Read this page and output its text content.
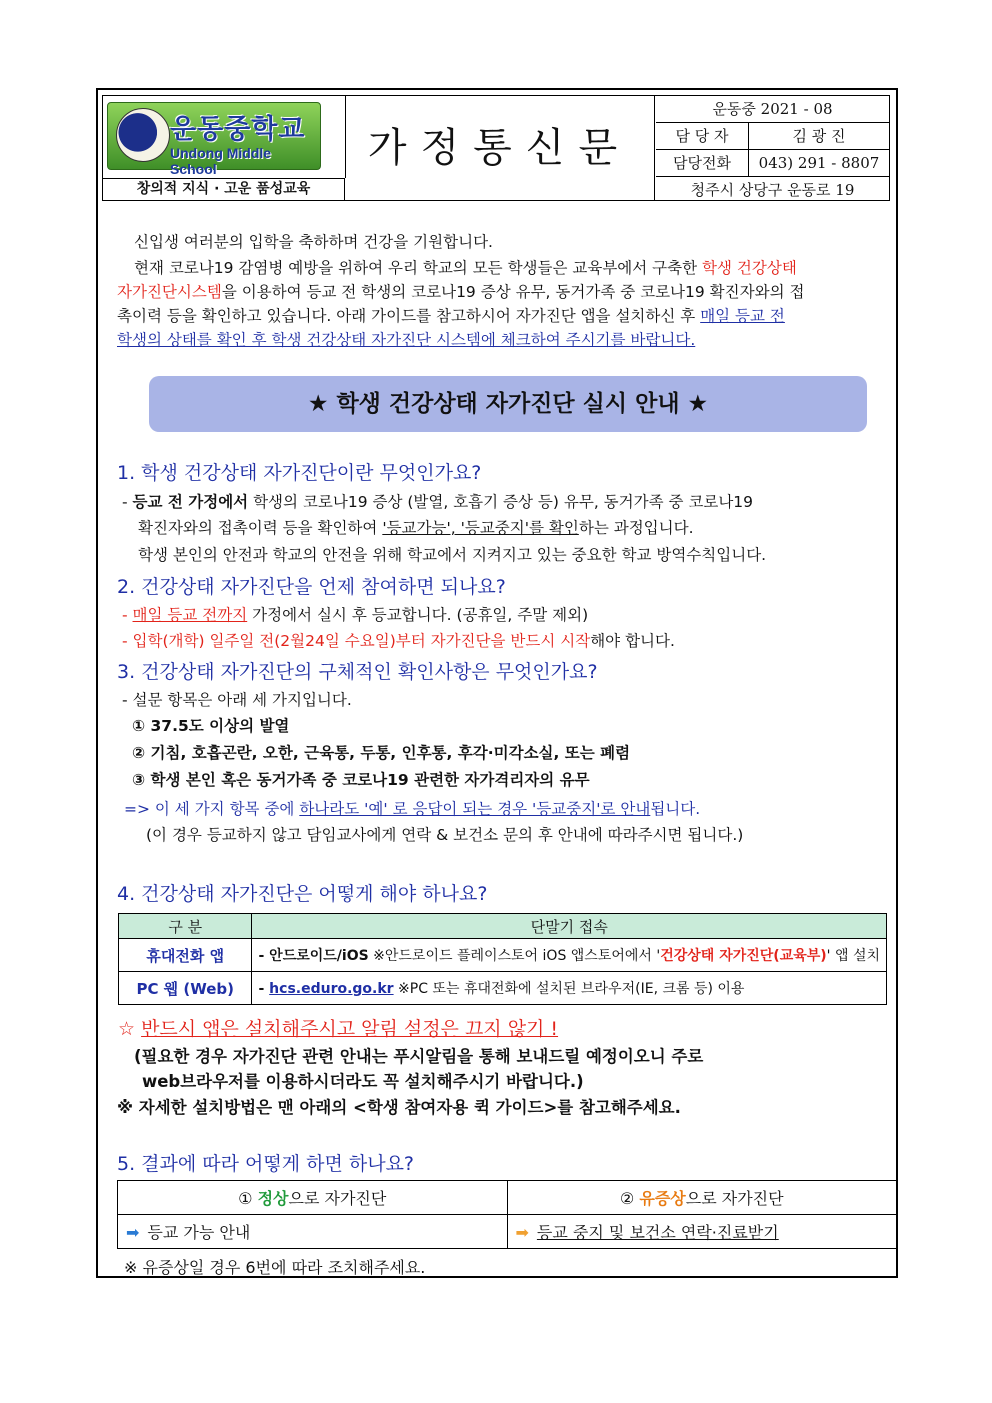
운동중학교
Undong Middle School
창의적 지식 · 고운 품성교육
가정통신문
운동중 2021 - 08
담 당 자	김 광 진
담당전화	043) 291 - 8807
청주시 상당구 운동로 19
신입생 여러분의 입학을 축하하며 건강을 기원합니다.
현재 코로나19 감염병 예방을 위하여 우리 학교의 모든 학생들은 교육부에서 구축한 학생 건강상태
자가진단시스템을 이용하여 등교 전 학생의 코로나19 증상 유무, 동거가족 중 코로나19 확진자와의 접
촉이력 등을 확인하고 있습니다. 아래 가이드를 참고하시어 자가진단 앱을 설치하신 후 매일 등교 전
학생의 상태를 확인 후 학생 건강상태 자가진단 시스템에 체크하여 주시기를 바랍니다.
★ 학생 건강상태 자가진단 실시 안내 ★
1. 학생 건강상태 자가진단이란 무엇인가요?
- 등교 전 가정에서 학생의 코로나19 증상 (발열, 호흡기 증상 등) 유무, 동거가족 중 코로나19
확진자와의 접촉이력 등을 확인하여 '등교가능', '등교중지'를 확인하는 과정입니다.
학생 본인의 안전과 학교의 안전을 위해 학교에서 지켜지고 있는 중요한 학교 방역수칙입니다.
2. 건강상태 자가진단을 언제 참여하면 되나요?
- 매일 등교 전까지 가정에서 실시 후 등교합니다. (공휴일, 주말 제외)
- 입학(개학) 일주일 전(2월24일 수요일)부터 자가진단을 반드시 시작해야 합니다.
3. 건강상태 자가진단의 구체적인 확인사항은 무엇인가요?
- 설문 항목은 아래 세 가지입니다.
① 37.5도 이상의 발열
② 기침, 호흡곤란, 오한, 근육통, 두통, 인후통, 후각·미각소실, 또는 폐렴
③ 학생 본인 혹은 동거가족 중 코로나19 관련한 자가격리자의 유무
=> 이 세 가지 항목 중에 하나라도 '예' 로 응답이 되는 경우 '등교중지'로 안내됩니다.
(이 경우 등교하지 않고 담임교사에게 연락 & 보건소 문의 후 안내에 따라주시면 됩니다.)
4. 건강상태 자가진단은 어떻게 해야 하나요?
구 분	단말기 접속
휴대전화 앱	- 안드로이드/iOS ※안드로이드 플레이스토어 iOS 앱스토어에서 '건강상태 자가진단(교육부)' 앱 설치
PC 웹 (Web)	- hcs.eduro.go.kr ※PC 또는 휴대전화에 설치된 브라우저(IE, 크롬 등) 이용
☆ 반드시 앱은 설치해주시고 알림 설정은 끄지 않기 !
(필요한 경우 자가진단 관련 안내는 푸시알림을 통해 보내드릴 예정이오니 주로
web브라우저를 이용하시더라도 꼭 설치해주시기 바랍니다.)
※ 자세한 설치방법은 맨 아래의 <학생 참여자용 퀵 가이드>를 참고해주세요.
5. 결과에 따라 어떻게 하면 하나요?
① 정상으로 자가진단	② 유증상으로 자가진단
➡ 등교 가능 안내	➡ 등교 중지 및 보건소 연락·진료받기
※ 유증상일 경우 6번에 따라 조치해주세요.
